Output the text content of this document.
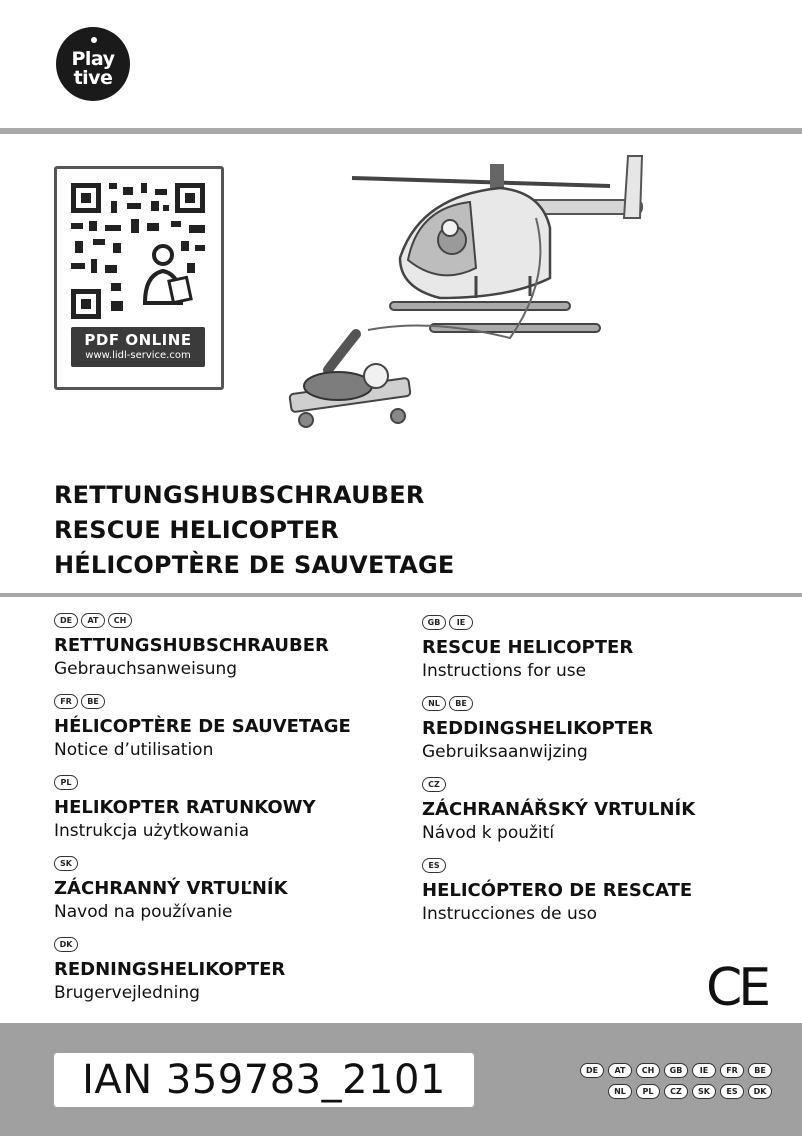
Play
tive
PDF ONLINE
www.lidl-service.com
RETTUNGSHUBSCHRAUBER
RESCUE HELICOPTER
HÉLICOPTÈRE DE SAUVETAGE
DE	AT	CH
RETTUNGSHUBSCHRAUBER
Gebrauchsanweisung
FR	BE
HÉLICOPTÈRE DE SAUVETAGE
Notice d’utilisation
PL
HELIKOPTER RATUNKOWY
Instrukcja użytkowania
SK
ZÁCHRANNÝ VRTUĽNÍK
Navod na používanie
DK
REDNINGSHELIKOPTER
Brugervejledning
GB	IE
RESCUE HELICOPTER
Instructions for use
NL	BE
REDDINGSHELIKOPTER
Gebruiksaanwijzing
CZ
ZÁCHRANÁŘSKÝ VRTULNÍK
Návod k použití
ES
HELICÓPTERO DE RESCATE
Instrucciones de uso
CE
IAN 359783_2101	DE	AT	CH	GB	IE	FR	BE
NL	PL	CZ	SK	ES	DK
